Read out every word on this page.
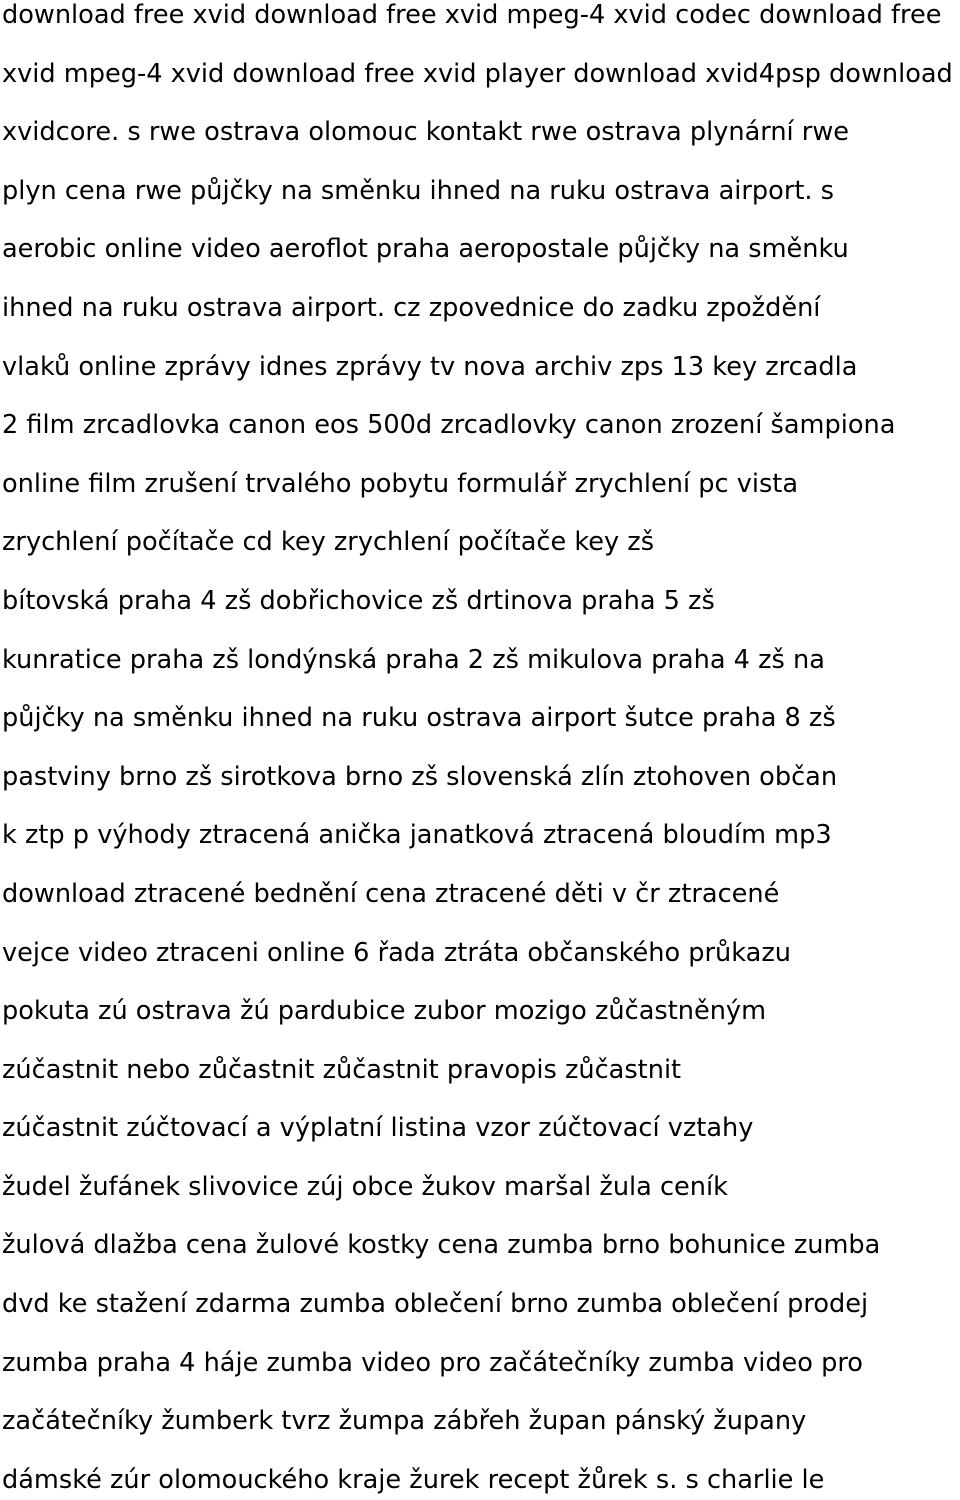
download free xvid download free xvid mpeg-4 xvid codec download free
xvid mpeg-4 xvid download free xvid player download xvid4psp download
xvidcore. s rwe ostrava olomouc kontakt rwe ostrava plynární rwe
plyn cena rwe půjčky na směnku ihned na ruku ostrava airport. s
aerobic online video aeroflot praha aeropostale půjčky na směnku
ihned na ruku ostrava airport. cz zpovednice do zadku zpoždění
vlaků online zprávy idnes zprávy tv nova archiv zps 13 key zrcadla
2 film zrcadlovka canon eos 500d zrcadlovky canon zrození šampiona
online film zrušení trvalého pobytu formulář zrychlení pc vista
zrychlení počítače cd key zrychlení počítače key zš
bítovská praha 4 zš dobřichovice zš drtinova praha 5 zš
kunratice praha zš londýnská praha 2 zš mikulova praha 4 zš na
půjčky na směnku ihned na ruku ostrava airport šutce praha 8 zš
pastviny brno zš sirotkova brno zš slovenská zlín ztohoven občan
k ztp p výhody ztracená anička janatková ztracená bloudím mp3
download ztracené bednění cena ztracené děti v čr ztracené
vejce video ztraceni online 6 řada ztráta občanského průkazu
pokuta zú ostrava žú pardubice zubor mozigo zůčastněným
zúčastnit nebo zůčastnit zůčastnit pravopis zůčastnit
zúčastnit zúčtovací a výplatní listina vzor zúčtovací vztahy
žudel žufánek slivovice zúj obce žukov maršal žula ceník
žulová dlažba cena žulové kostky cena zumba brno bohunice zumba
dvd ke stažení zdarma zumba oblečení brno zumba oblečení prodej
zumba praha 4 háje zumba video pro začátečníky zumba video pro
začátečníky žumberk tvrz žumpa zábřeh župan pánský župany
dámské zúr olomouckého kraje žurek recept žůrek s. s charlie le
